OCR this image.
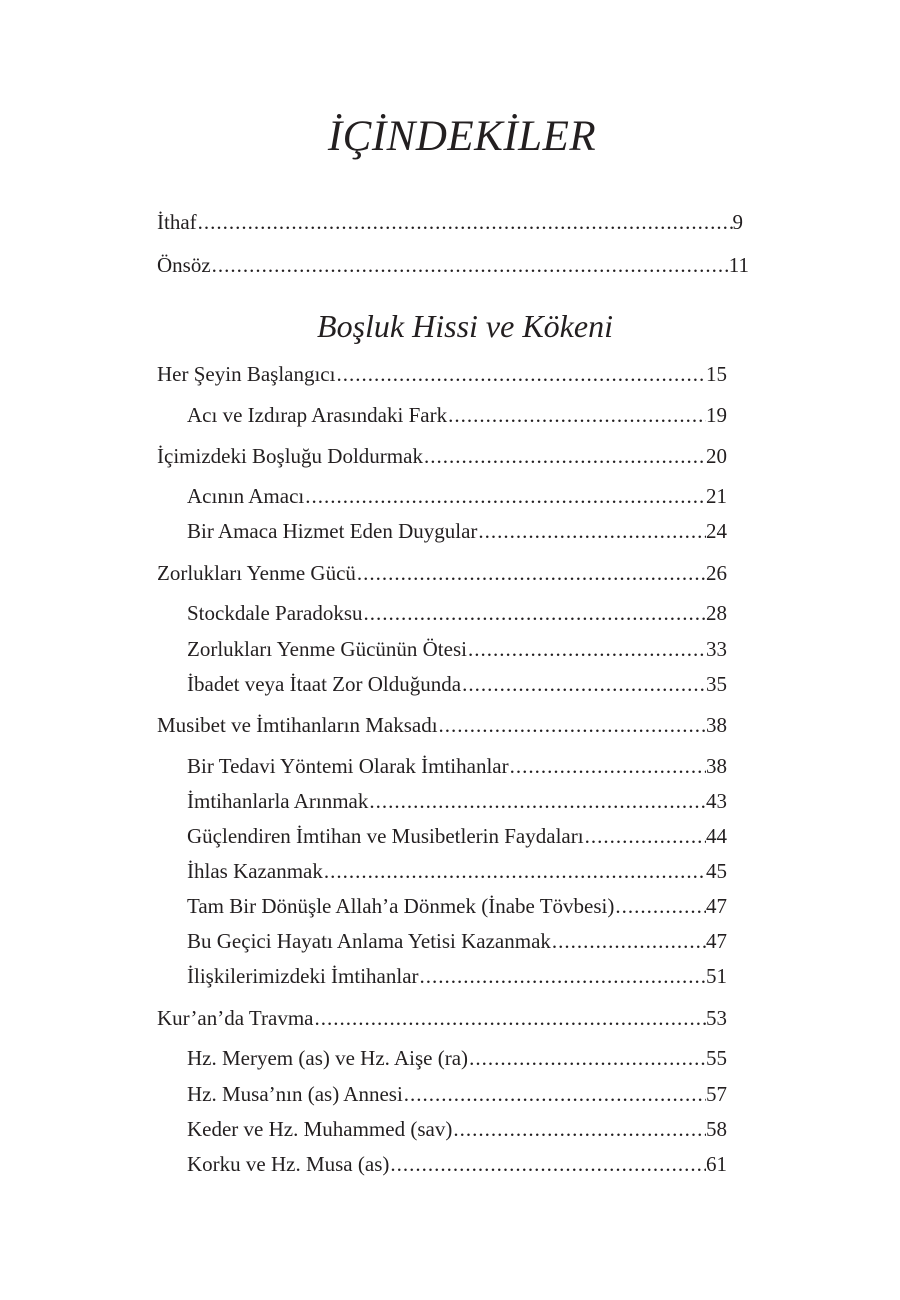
İÇİNDEKİLER
İthaf .....	9
Önsöz .....	11
Boşluk Hissi ve Kökeni
Her Şeyin Başlangıcı .....	15
Acı ve Izdırap Arasındaki Fark .....	19
İçimizdeki Boşluğu Doldurmak .....	20
Acının Amacı .....	21
Bir Amaca Hizmet Eden Duygular .....	24
Zorlukları Yenme Gücü .....	26
Stockdale Paradoksu .....	28
Zorlukları Yenme Gücünün Ötesi .....	33
İbadet veya İtaat Zor Olduğunda .....	35
Musibet ve İmtihanların Maksadı .....	38
Bir Tedavi Yöntemi Olarak İmtihanlar .....	38
İmtihanlarla Arınmak .....	43
Güçlendiren İmtihan ve Musibetlerin Faydaları .....	44
İhlas Kazanmak .....	45
Tam Bir Dönüşle Allah’a Dönmek (İnabe Tövbesi) .....	47
Bu Geçici Hayatı Anlama Yetisi Kazanmak .....	47
İlişkilerimizdeki İmtihanlar .....	51
Kur’an’da Travma .....	53
Hz. Meryem (as) ve Hz. Aişe (ra) .....	55
Hz. Musa’nın (as) Annesi .....	57
Keder ve Hz. Muhammed (sav) .....	58
Korku ve Hz. Musa (as) .....	61
